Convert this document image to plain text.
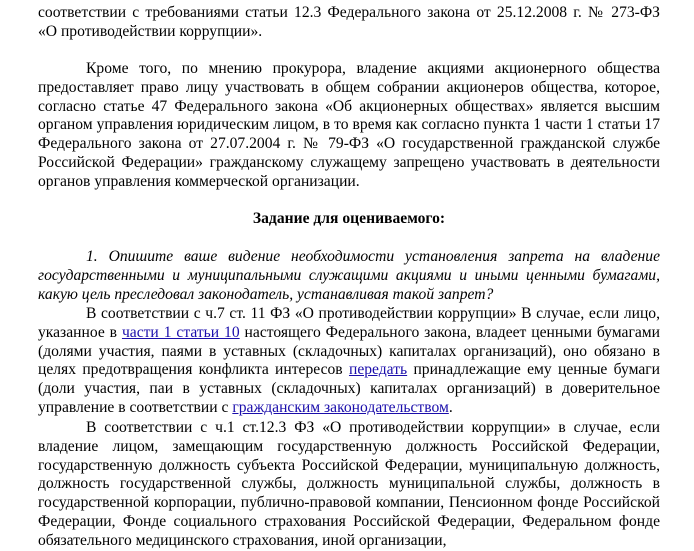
соответствии с требованиями статьи 12.3 Федерального закона от 25.12.2008 г. № 273-ФЗ
«О противодействии коррупции».

Кроме того, по мнению прокурора, владение акциями акционерного общества предоставляет право лицу участвовать в общем собрании акционеров общества, которое, согласно статье 47 Федерального закона «Об акционерных обществах» является высшим органом управления юридическим лицом, в то время как согласно пункта 1 части 1 статьи 17 Федерального закона от 27.07.2004 г. № 79-ФЗ «О государственной гражданской службе Российской Федерации» гражданскому служащему запрещено участвовать в деятельности органов управления коммерческой организации.

Задание для оцениваемого:

1. Опишите ваше видение необходимости установления запрета на владение государственными и муниципальными служащими акциями и иными ценными бумагами, какую цель преследовал законодатель, устанавливая такой запрет?

В соответствии с ч.7 ст. 11 ФЗ «О противодействии коррупции» В случае, если лицо, указанное в части 1 статьи 10 настоящего Федерального закона, владеет ценными бумагами (долями участия, паями в уставных (складочных) капиталах организаций), оно обязано в целях предотвращения конфликта интересов передать принадлежащие ему ценные бумаги (доли участия, паи в уставных (складочных) капиталах организаций) в доверительное управление в соответствии с гражданским законодательством.

В соответствии с ч.1 ст.12.3 ФЗ «О противодействии коррупции» в случае, если владение лицом, замещающим государственную должность Российской Федерации, государственную должность субъекта Российской Федерации, муниципальную должность, должность государственной службы, должность муниципальной службы, должность в государственной корпорации, публично-правовой компании, Пенсионном фонде Российской Федерации, Фонде социального страхования Российской Федерации, Федеральном фонде обязательного медицинского страхования, иной организации,
